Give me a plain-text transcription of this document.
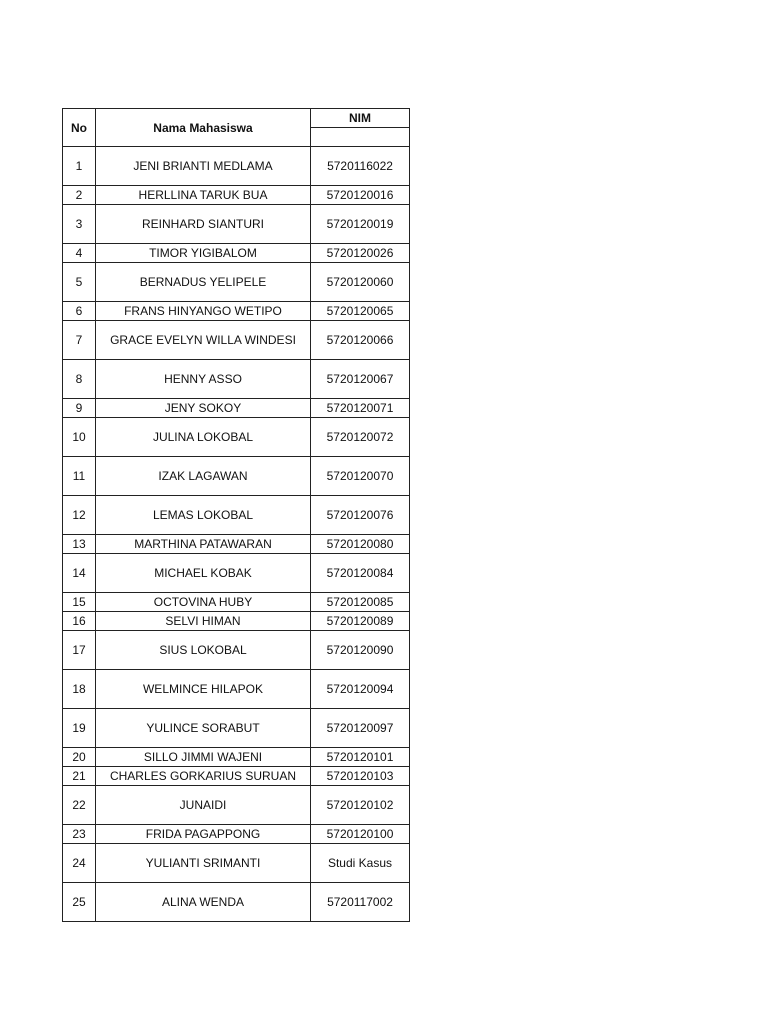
No	Nama Mahasiswa	NIM

1	JENI BRIANTI MEDLAMA	5720116022
2	HERLLINA TARUK BUA	5720120016
3	REINHARD SIANTURI	5720120019
4	TIMOR YIGIBALOM	5720120026
5	BERNADUS YELIPELE	5720120060
6	FRANS HINYANGO WETIPO	5720120065
7	GRACE EVELYN WILLA WINDESI	5720120066
8	HENNY ASSO	5720120067
9	JENY SOKOY	5720120071
10	JULINA LOKOBAL	5720120072
11	IZAK LAGAWAN	5720120070
12	LEMAS LOKOBAL	5720120076
13	MARTHINA PATAWARAN	5720120080
14	MICHAEL KOBAK	5720120084
15	OCTOVINA HUBY	5720120085
16	SELVI HIMAN	5720120089
17	SIUS LOKOBAL	5720120090
18	WELMINCE HILAPOK	5720120094
19	YULINCE SORABUT	5720120097
20	SILLO JIMMI WAJENI	5720120101
21	CHARLES GORKARIUS SURUAN	5720120103
22	JUNAIDI	5720120102
23	FRIDA PAGAPPONG	5720120100
24	YULIANTI SRIMANTI	Studi Kasus
25	ALINA WENDA	5720117002
